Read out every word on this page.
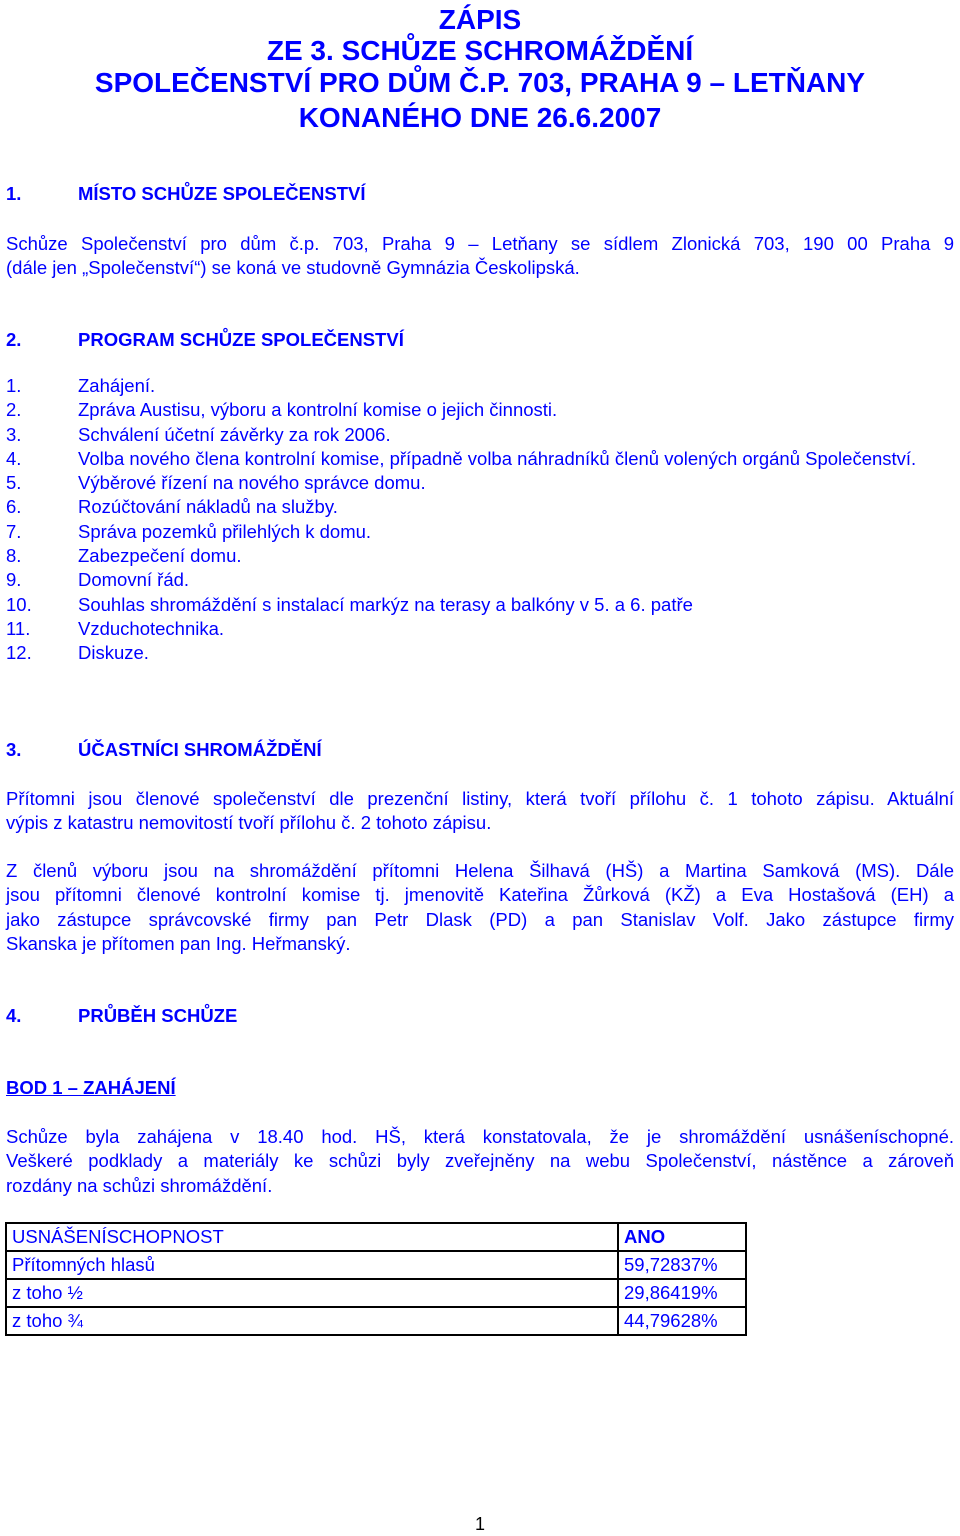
ZÁPIS
ZE 3. SCHŮZE SCHROMÁŽDĚNÍ
SPOLEČENSTVÍ PRO DŮM Č.P. 703, PRAHA 9 – LETŇANY
KONANÉHO DNE 26.6.2007
1.	MÍSTO SCHŮZE SPOLEČENSTVÍ
Schůze Společenství pro dům č.p. 703, Praha 9 – Letňany se sídlem Zlonická 703, 190 00 Praha 9
(dále jen „Společenství“) se koná ve studovně Gymnázia Českolipská.
2.	PROGRAM SCHŮZE SPOLEČENSTVÍ
1.	Zahájení.
2.	Zpráva Austisu, výboru a kontrolní komise o jejich činnosti.
3.	Schválení účetní závěrky za rok 2006.
4.	Volba nového člena kontrolní komise, případně volba náhradníků členů volených orgánů Společenství.
5.	Výběrové řízení na nového správce domu.
6.	Rozúčtování nákladů na služby.
7.	Správa pozemků přilehlých k domu.
8.	Zabezpečení domu.
9.	Domovní řád.
10.	Souhlas shromáždění s instalací markýz na terasy a balkóny v 5. a 6. patře
11.	Vzduchotechnika.
12.	Diskuze.
3.	ÚČASTNÍCI SHROMÁŽDĚNÍ
Přítomni jsou členové společenství dle prezenční listiny, která tvoří přílohu č. 1 tohoto zápisu. Aktuální
výpis z katastru nemovitostí tvoří přílohu č. 2 tohoto zápisu.
Z členů výboru jsou na shromáždění přítomni Helena Šilhavá (HŠ) a Martina Samková (MS). Dále
jsou přítomni členové kontrolní komise tj. jmenovitě Kateřina Žůrková (KŽ) a Eva Hostašová (EH) a
jako zástupce správcovské firmy pan Petr Dlask (PD) a pan Stanislav Volf. Jako zástupce firmy
Skanska je přítomen pan Ing. Heřmanský.
4.	PRŮBĚH SCHŮZE
BOD 1 – ZAHÁJENÍ
Schůze byla zahájena v 18.40 hod. HŠ, která konstatovala, že je shromáždění usnášeníschopné.
Veškeré podklady a materiály ke schůzi byly zveřejněny na webu Společenství, nástěnce a zároveň
rozdány na schůzi shromáždění.
USNÁŠENÍSCHOPNOST	ANO
Přítomných hlasů	59,72837%
z toho ½	29,86419%
z toho ¾	44,79628%
1
